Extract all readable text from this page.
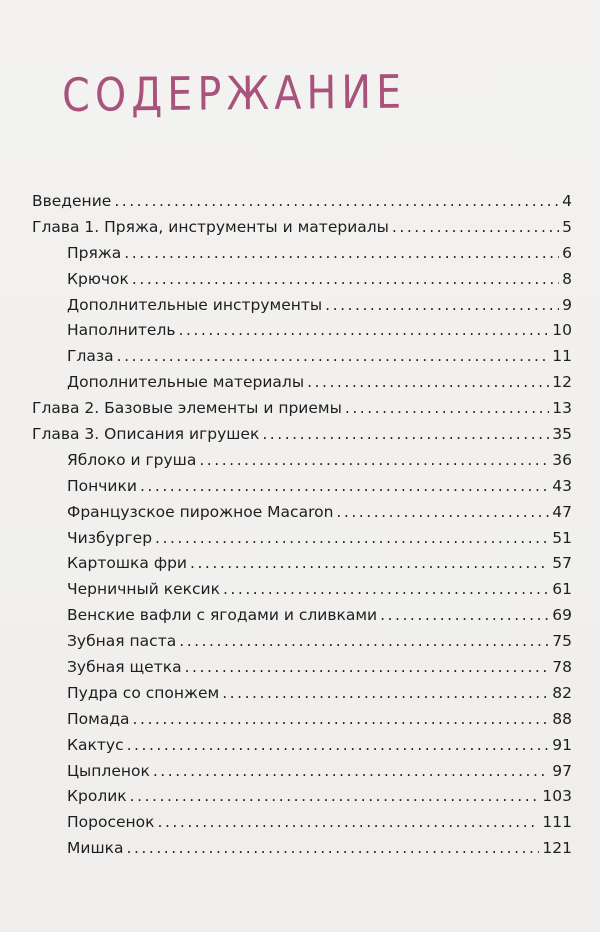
СОДЕРЖАНИЕ
Введение . . .	4
Глава 1. Пряжа, инструменты и материалы . . .	5
Пряжа . . .	6
Крючок . . .	8
Дополнительные инструменты . . .	9
Наполнитель . . .	10
Глаза . . .	11
Дополнительные материалы . . .	12
Глава 2. Базовые элементы и приемы . . .	13
Глава 3. Описания игрушек . . .	35
Яблоко и груша . . .	36
Пончики . . .	43
Французское пирожное Macaron . . .	47
Чизбургер . . .	51
Картошка фри . . .	57
Черничный кексик . . .	61
Венские вафли с ягодами и сливками . . .	69
Зубная паста . . .	75
Зубная щетка . . .	78
Пудра со спонжем . . .	82
Помада . . .	88
Кактус . . .	91
Цыпленок . . .	97
Кролик . . .	103
Поросенок . . .	111
Мишка . . .	121
